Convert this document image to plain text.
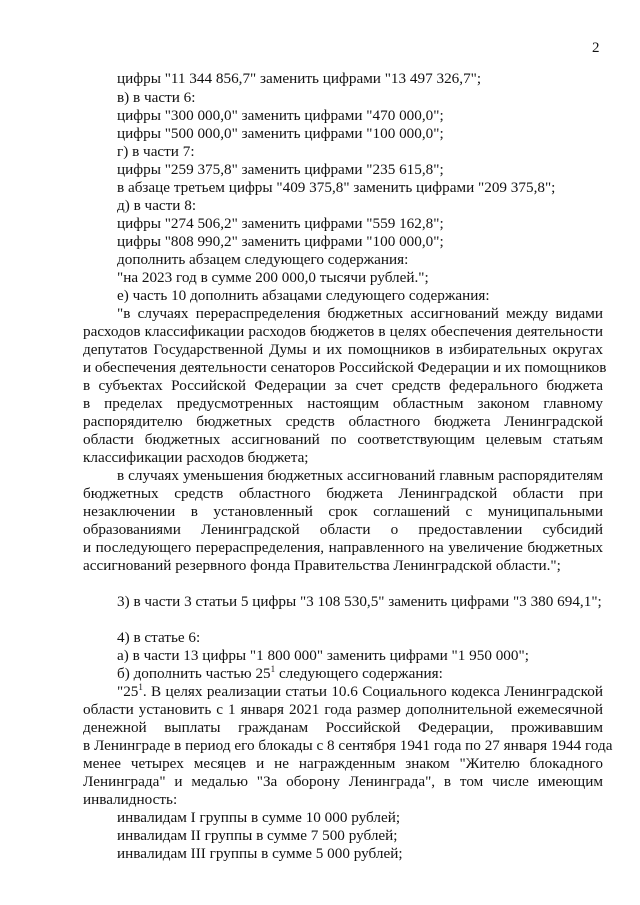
2
цифры "11 344 856,7" заменить цифрами "13 497 326,7";
в) в части 6:
цифры "300 000,0" заменить цифрами "470 000,0";
цифры "500 000,0" заменить цифрами "100 000,0";
г) в части 7:
цифры "259 375,8" заменить цифрами "235 615,8";
в абзаце третьем цифры "409 375,8" заменить цифрами "209 375,8";
д) в части 8:
цифры "274 506,2" заменить цифрами "559 162,8";
цифры "808 990,2" заменить цифрами "100 000,0";
дополнить абзацем следующего содержания:
"на 2023 год в сумме 200 000,0 тысячи рублей.";
е) часть 10 дополнить абзацами следующего содержания:
"в случаях перераспределения бюджетных ассигнований между видами
расходов классификации расходов бюджетов в целях обеспечения деятельности
депутатов Государственной Думы и их помощников в избирательных округах
и обеспечения деятельности сенаторов Российской Федерации и их помощников
в субъектах Российской Федерации за счет средств федерального бюджета
в пределах предусмотренных настоящим областным законом главному
распорядителю бюджетных средств областного бюджета Ленинградской
области бюджетных ассигнований по соответствующим целевым статьям
классификации расходов бюджета;
в случаях уменьшения бюджетных ассигнований главным распорядителям
бюджетных средств областного бюджета Ленинградской области при
незаключении в установленный срок соглашений с муниципальными
образованиями Ленинградской области о предоставлении субсидий
и последующего перераспределения, направленного на увеличение бюджетных
ассигнований резервного фонда Правительства Ленинградской области.";
3) в части 3 статьи 5 цифры "3 108 530,5" заменить цифрами "3 380 694,1";
4) в статье 6:
а) в части 13 цифры "1 800 000" заменить цифрами "1 950 000";
б) дополнить частью $25^1$ следующего содержания:
"$25^1$. В целях реализации статьи 10.6 Социального кодекса Ленинградской
области установить с 1 января 2021 года размер дополнительной ежемесячной
денежной выплаты гражданам Российской Федерации, проживавшим
в Ленинграде в период его блокады с 8 сентября 1941 года по 27 января 1944 года
менее четырех месяцев и не награжденным знаком "Жителю блокадного
Ленинграда" и медалью "За оборону Ленинграда", в том числе имеющим
инвалидность:
инвалидам I группы в сумме 10 000 рублей;
инвалидам II группы в сумме 7 500 рублей;
инвалидам III группы в сумме 5 000 рублей;
